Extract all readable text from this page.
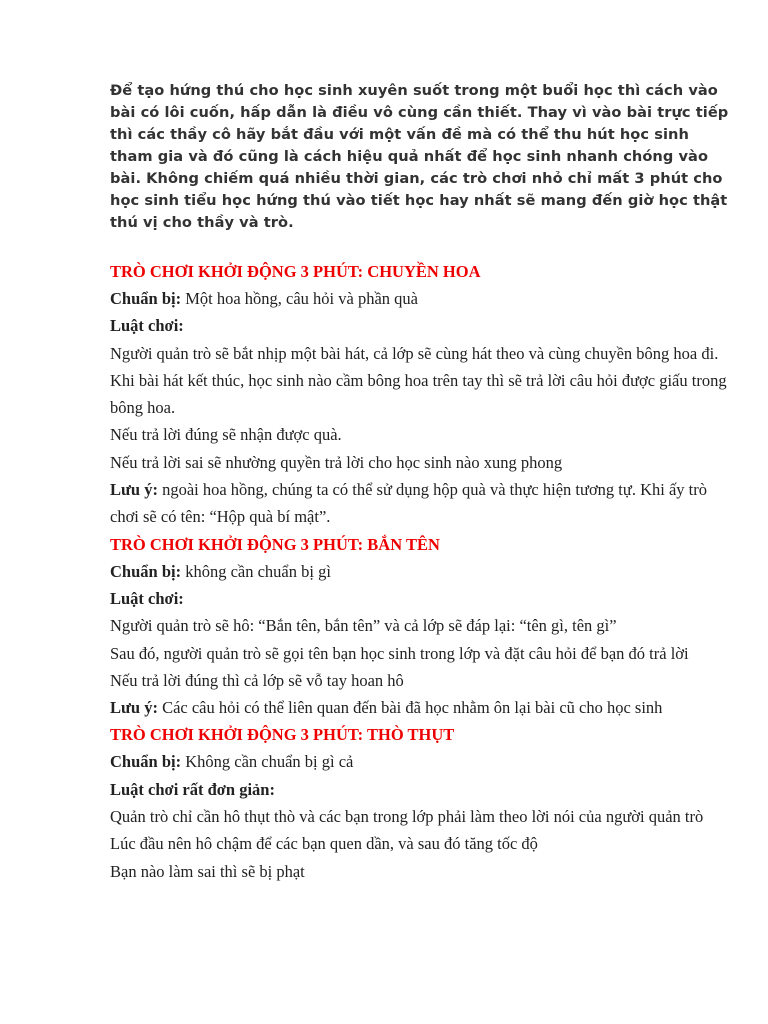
Để tạo hứng thú cho học sinh xuyên suốt trong một buổi học thì cách vào bài có lôi cuốn, hấp dẫn là điều vô cùng cần thiết. Thay vì vào bài trực tiếp thì các thầy cô hãy bắt đầu với một vấn đề mà có thể thu hút học sinh tham gia và đó cũng là cách hiệu quả nhất để học sinh nhanh chóng vào bài. Không chiếm quá nhiều thời gian, các trò chơi nhỏ chỉ mất 3 phút cho học sinh tiểu học hứng thú vào tiết học hay nhất sẽ mang đến giờ học thật thú vị cho thầy và trò.

TRÒ CHƠI KHỞI ĐỘNG 3 PHÚT: CHUYỀN HOA

Chuẩn bị: Một hoa hồng, câu hỏi và phần quà

Luật chơi:

Người quản trò sẽ bắt nhịp một bài hát, cả lớp sẽ cùng hát theo và cùng chuyền bông hoa đi.

Khi bài hát kết thúc, học sinh nào cầm bông hoa trên tay thì sẽ trả lời câu hỏi được giấu trong bông hoa.

Nếu trả lời đúng sẽ nhận được quà.

Nếu trả lời sai sẽ nhường quyền trả lời cho học sinh nào xung phong

Lưu ý: ngoài hoa hồng, chúng ta có thể sử dụng hộp quà và thực hiện tương tự. Khi ấy trò chơi sẽ có tên: “Hộp quà bí mật”.

TRÒ CHƠI KHỞI ĐỘNG 3 PHÚT: BẮN TÊN

Chuẩn bị: không cần chuẩn bị gì

Luật chơi:

Người quản trò sẽ hô: “Bắn tên, bắn tên” và cả lớp sẽ đáp lại: “tên gì, tên gì”

Sau đó, người quản trò sẽ gọi tên bạn học sinh trong lớp và đặt câu hỏi để bạn đó trả lời

Nếu trả lời đúng thì cả lớp sẽ vỗ tay hoan hô

Lưu ý: Các câu hỏi có thể liên quan đến bài đã học nhằm ôn lại bài cũ cho học sinh

TRÒ CHƠI KHỞI ĐỘNG 3 PHÚT: THÒ THỤT

Chuẩn bị: Không cần chuẩn bị gì cả

Luật chơi rất đơn giản:

Quản trò chỉ cần hô thụt thò và các bạn trong lớp phải làm theo lời nói của người quản trò

Lúc đầu nên hô chậm để các bạn quen dần, và sau đó tăng tốc độ

Bạn nào làm sai thì sẽ bị phạt
